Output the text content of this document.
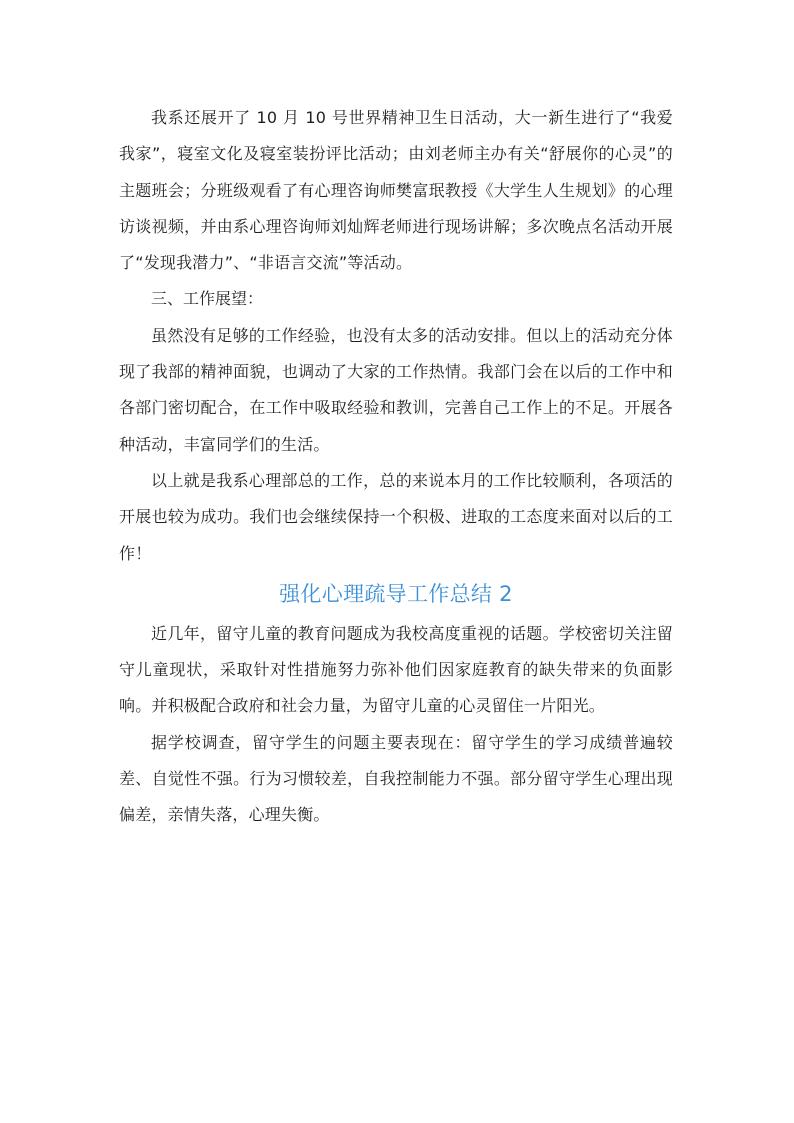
我系还展开了 10 月 10 号世界精神卫生日活动，大一新生进行了“我爱我家”，寝室文化及寝室装扮评比活动；由刘老师主办有关“舒展你的心灵”的主题班会；分班级观看了有心理咨询师樊富珉教授《大学生人生规划》的心理访谈视频，并由系心理咨询师刘灿辉老师进行现场讲解；多次晚点名活动开展了“发现我潜力”、“非语言交流”等活动。

三、工作展望：

虽然没有足够的工作经验，也没有太多的活动安排。但以上的活动充分体现了我部的精神面貌，也调动了大家的工作热情。我部门会在以后的工作中和各部门密切配合，在工作中吸取经验和教训，完善自己工作上的不足。开展各种活动，丰富同学们的生活。

以上就是我系心理部总的工作，总的来说本月的工作比较顺利，各项活的开展也较为成功。我们也会继续保持一个积极、进取的工态度来面对以后的工作！

强化心理疏导工作总结 2

近几年，留守儿童的教育问题成为我校高度重视的话题。学校密切关注留守儿童现状，采取针对性措施努力弥补他们因家庭教育的缺失带来的负面影响。并积极配合政府和社会力量，为留守儿童的心灵留住一片阳光。

据学校调查，留守学生的问题主要表现在：留守学生的学习成绩普遍较差、自觉性不强。行为习惯较差，自我控制能力不强。部分留守学生心理出现偏差，亲情失落，心理失衡。
